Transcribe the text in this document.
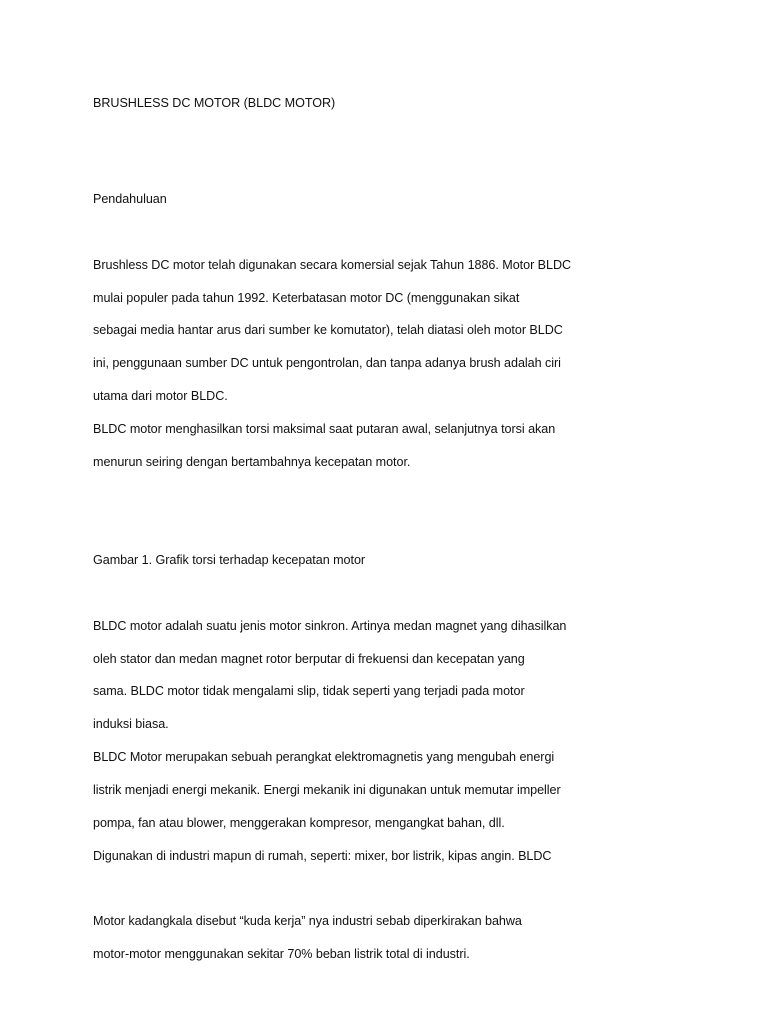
BRUSHLESS DC MOTOR (BLDC MOTOR)
Pendahuluan
Brushless DC motor telah digunakan secara komersial sejak Tahun 1886. Motor BLDC
mulai populer pada tahun 1992. Keterbatasan motor DC (menggunakan sikat
sebagai media hantar arus dari sumber ke komutator), telah diatasi oleh motor BLDC
ini, penggunaan sumber DC untuk pengontrolan, dan tanpa adanya brush adalah ciri
utama dari motor BLDC.
BLDC motor menghasilkan torsi maksimal saat putaran awal, selanjutnya torsi akan
menurun seiring dengan bertambahnya kecepatan motor.
Gambar 1. Grafik torsi terhadap kecepatan motor
BLDC motor adalah suatu jenis motor sinkron. Artinya medan magnet yang dihasilkan
oleh stator dan medan magnet rotor berputar di frekuensi dan kecepatan yang
sama. BLDC motor tidak mengalami slip, tidak seperti yang terjadi pada motor
induksi biasa.
BLDC Motor merupakan sebuah perangkat elektromagnetis yang mengubah energi
listrik menjadi energi mekanik. Energi mekanik ini digunakan untuk memutar impeller
pompa, fan atau blower, menggerakan kompresor, mengangkat bahan, dll.
Digunakan di industri mapun di rumah, seperti: mixer, bor listrik, kipas angin. BLDC
Motor kadangkala disebut “kuda kerja” nya industri sebab diperkirakan bahwa
motor-motor menggunakan sekitar 70% beban listrik total di industri.
